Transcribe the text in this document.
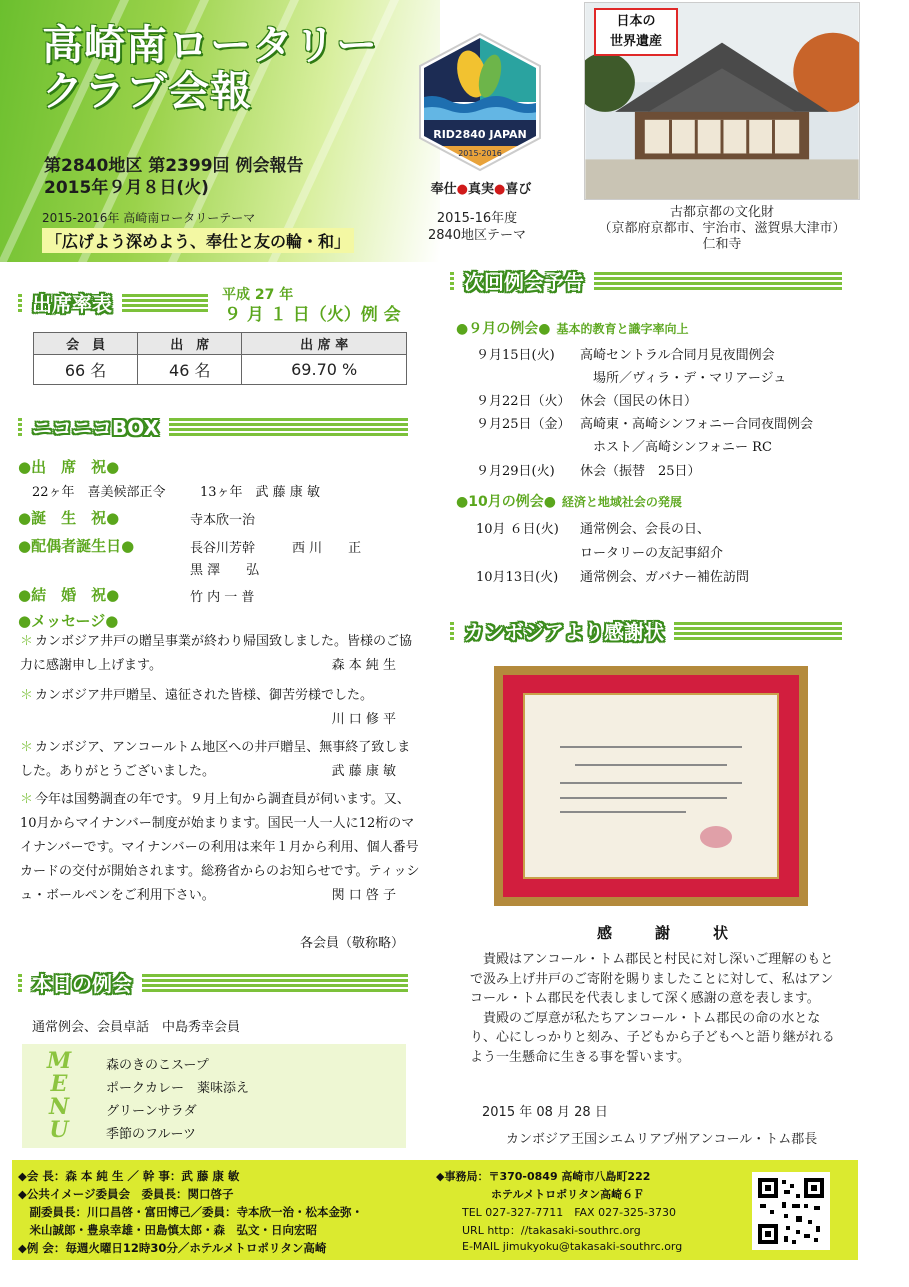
高崎南ロータリー
クラブ会報
第2840地区 第2399回 例会報告
2015年９月８日(火)
2015-2016年 高崎南ロータリーテーマ
「広げよう深めよう、奉仕と友の輪・和」
RID2840 JAPAN
2015-2016
奉仕●真実●喜び
2015-16年度
2840地区テーマ
日本の
世界遺産
古都京都の文化財
（京都府京都市、宇治市、滋賀県大津市）
仁和寺
出席率表	平成 27 年
９ 月 １ 日（火）例 会
会　員	出　席	出 席 率
66 名	46 名	69.70 %
ニコニコBOX
●出　席　祝●
22ヶ年　喜美候部正令	13ヶ年　武 藤 康 敏
●誕　生　祝●	寺本欣一治
●配偶者誕生日●	長谷川芳幹	西 川　　正
黒 澤　　弘
●結　婚　祝●	竹 内 一 普
●メッセージ●
＊ カンボジア井戸の贈呈事業が終わり帰国致しました。皆様のご協力に感謝申し上げます。	森 本 純 生
＊ カンボジア井戸贈呈、遠征された皆様、御苦労様でした。
川 口 修 平
＊ カンボジア、アンコールトム地区への井戸贈呈、無事終了致しました。ありがとうございました。	武 藤 康 敏
＊ 今年は国勢調査の年です。９月上旬から調査員が伺います。又、10月からマイナンバー制度が始まります。国民一人一人に12桁のマイナンバーです。マイナンバーの利用は来年１月から利用、個人番号カードの交付が開始されます。総務省からのお知らせです。ティッシュ・ボールペンをご利用下さい。	関 口 啓 子
各会員（敬称略）
本日の例会
通常例会、会員卓話　中島秀幸会員
M
E
N
U
森のきのこスープ
ポークカレー　薬味添え
グリーンサラダ
季節のフルーツ
次回例会予告
●９月の例会● 基本的教育と識字率向上
９月15日(火)	高崎セントラル合同月見夜間例会
　場所／ヴィラ・デ・マリアージュ
９月22日（火） 休会（国民の休日）
９月25日（金） 高崎東・高崎シンフォニー合同夜間例会
　ホスト／高崎シンフォニー RC
９月29日(火)	休会（振替　25日）
●10月の例会● 経済と地域社会の発展
10月 ６日(火)	通常例会、会長の日、
ロータリーの友記事紹介
10月13日(火)	通常例会、ガバナー補佐訪問
カンボジアより感謝状
感　謝　状

貴殿はアンコール・トム郡民と村民に対し深いご理解のもとで汲み上げ井戸のご寄附を賜りましたことに対して、私はアンコール・トム郡民を代表しまして深く感謝の意を表します。

貴殿のご厚意が私たちアンコール・トム郡民の命の水となり、心にしっかりと刻み、子どもから子どもへと語り継がれるよう一生懸命に生きる事を誓います。

2015 年 08 月 28 日
カンボジア王国シエムリアプ州アンコール・トム郡長
◆会 長：森 本 純 生 ／ 幹 事：武 藤 康 敏
◆公共イメージ委員会　委員長：関口啓子
　副委員長：川口昌啓・富田博己／委員：寺本欣一治・松本金弥・
　米山誠郎・豊泉幸雄・田島慎太郎・森　弘文・日向宏昭
◆例 会：毎週火曜日12時30分／ホテルメトロポリタン高崎
◆事務局：〒370-0849 高崎市八島町222
　　　　　ホテルメトロポリタン高崎６Ｆ
TEL 027-327-7711　FAX 027-325-3730
URL http：//takasaki-southrc.org
E-MAIL jimukyoku@takasaki-southrc.org
